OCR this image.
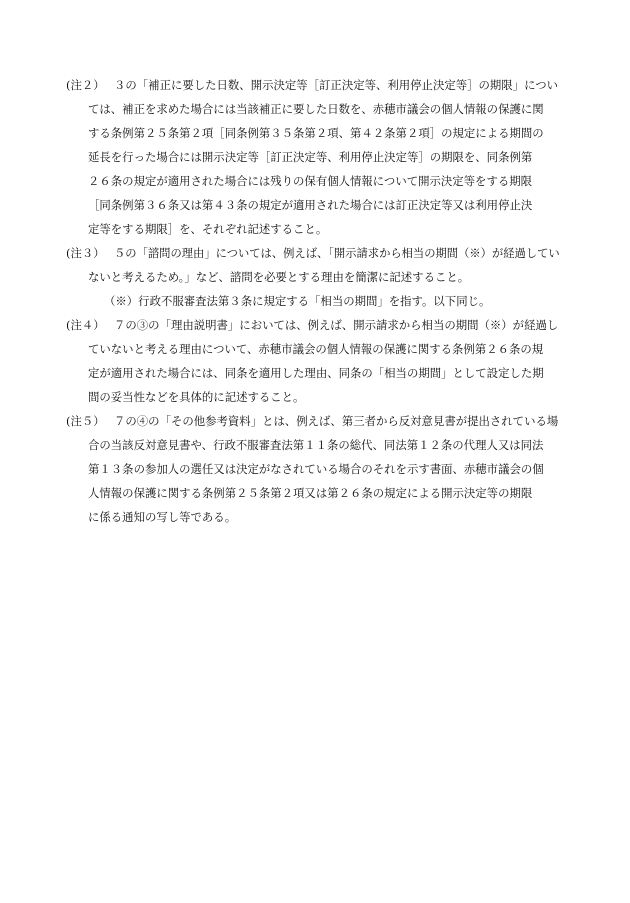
(注２） ３の「補正に要した日数、開示決定等［訂正決定等、利用停止決定等］の期限」につい
ては、補正を求めた場合には当該補正に要した日数を、赤穂市議会の個人情報の保護に関
する条例第２５条第２項［同条例第３５条第２項、第４２条第２項］の規定による期間の
延長を行った場合には開示決定等［訂正決定等、利用停止決定等］の期限を、同条例第
２６条の規定が適用された場合には残りの保有個人情報について開示決定等をする期限
［同条例第３６条又は第４３条の規定が適用された場合には訂正決定等又は利用停止決
定等をする期限］を、それぞれ記述すること。
(注３） ５の「諮問の理由」については、例えば、「開示請求から相当の期間（※）が経過してい
ないと考えるため。」など、諮問を必要とする理由を簡潔に記述すること。
（※）行政不服審査法第３条に規定する「相当の期間」を指す。以下同じ。
(注４） ７の③の「理由説明書」においては、例えば、開示請求から相当の期間（※）が経過し
ていないと考える理由について、赤穂市議会の個人情報の保護に関する条例第２６条の規
定が適用された場合には、同条を適用した理由、同条の「相当の期間」として設定した期
間の妥当性などを具体的に記述すること。
(注５） ７の④の「その他参考資料」とは、例えば、第三者から反対意見書が提出されている場
合の当該反対意見書や、行政不服審査法第１１条の総代、同法第１２条の代理人又は同法
第１３条の参加人の選任又は決定がなされている場合のそれを示す書面、赤穂市議会の個
人情報の保護に関する条例第２５条第２項又は第２６条の規定による開示決定等の期限
に係る通知の写し等である。
